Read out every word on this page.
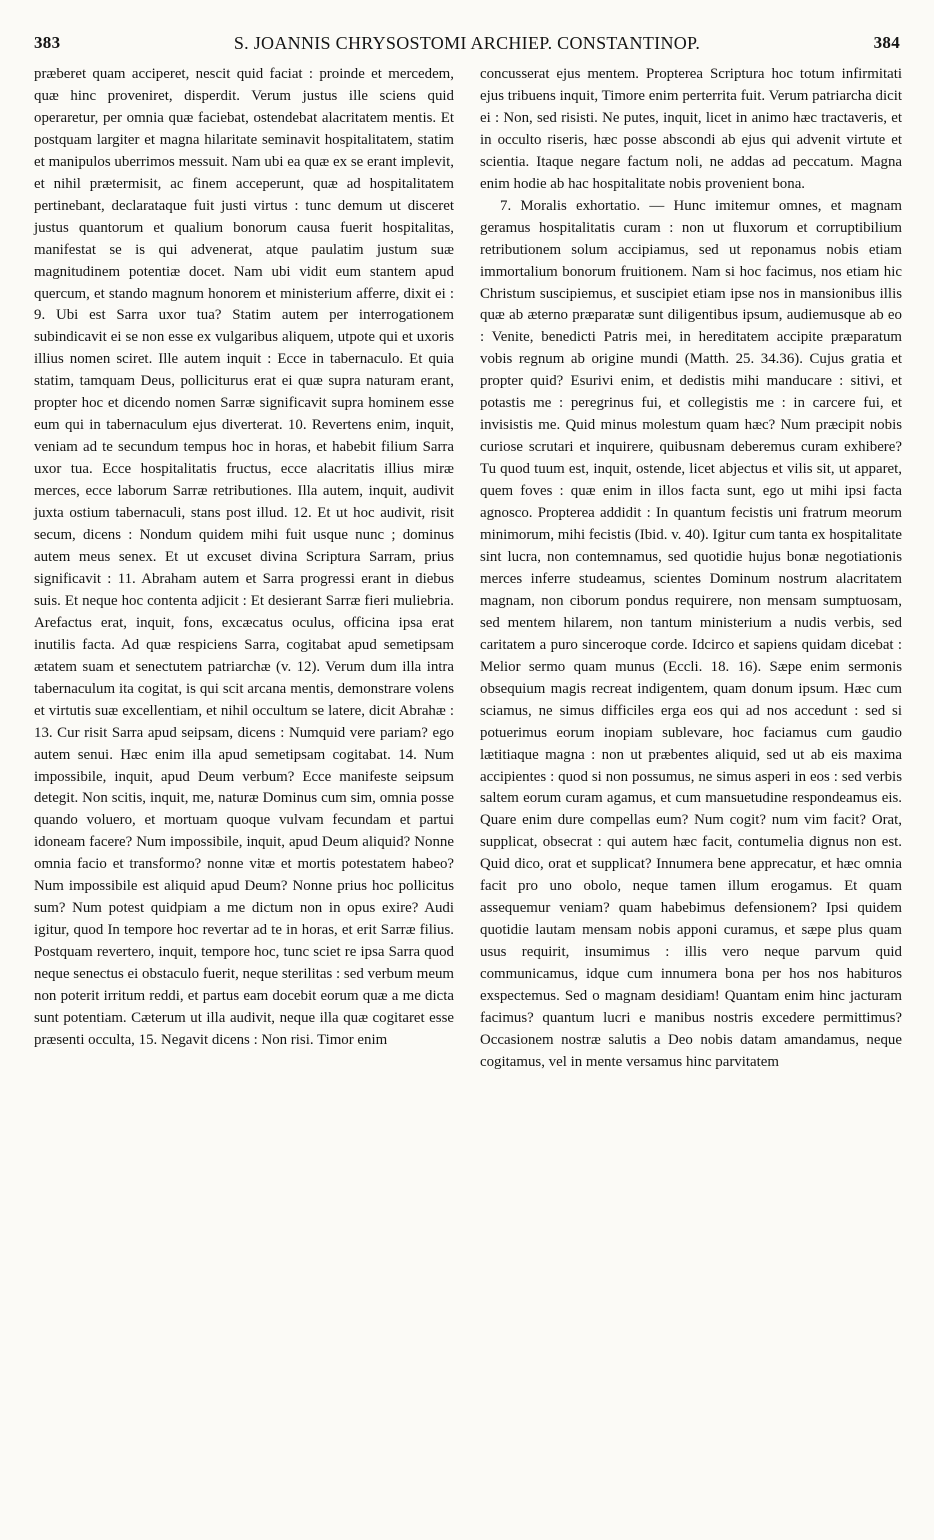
383	S. JOANNIS CHRYSOSTOMI ARCHIEP. CONSTANTINOP.	384

præberet quam acciperet, nescit quid faciat : proinde et mercedem, quæ hinc proveniret, disperdit. Verum justus ille sciens quid operaretur, per omnia quæ faciebat, ostendebat alacritatem mentis. Et postquam largiter et magna hilaritate seminavit hospitalitatem, statim et manipulos uberrimos messuit. Nam ubi ea quæ ex se erant implevit, et nihil prætermisit, ac finem acceperunt, quæ ad hospitalitatem pertinebant, declarataque fuit justi virtus : tunc demum ut disceret justus quantorum et qualium bonorum causa fuerit hospitalitas, manifestat se is qui advenerat, atque paulatim justum suæ magnitudinem potentiæ docet. Nam ubi vidit eum stantem apud quercum, et stando magnum honorem et ministerium afferre, dixit ei : 9. Ubi est Sarra uxor tua? Statim autem per interrogationem subindicavit ei se non esse ex vulgaribus aliquem, utpote qui et uxoris illius nomen sciret. Ille autem inquit : Ecce in tabernaculo. Et quia statim, tamquam Deus, polliciturus erat ei quæ supra naturam erant, propter hoc et dicendo nomen Sarræ significavit supra hominem esse eum qui in tabernaculum ejus diverterat. 10. Revertens enim, inquit, veniam ad te secundum tempus hoc in horas, et habebit filium Sarra uxor tua. Ecce hospitalitatis fructus, ecce alacritatis illius miræ merces, ecce laborum Sarræ retributiones. Illa autem, inquit, audivit juxta ostium tabernaculi, stans post illud. 12. Et ut hoc audivit, risit secum, dicens : Nondum quidem mihi fuit usque nunc ; dominus autem meus senex. Et ut excuset divina Scriptura Sarram, prius significavit : 11. Abraham autem et Sarra progressi erant in diebus suis. Et neque hoc contenta adjicit : Et desierant Sarræ fieri muliebria. Arefactus erat, inquit, fons, excæcatus oculus, officina ipsa erat inutilis facta. Ad quæ respiciens Sarra, cogitabat apud semetipsam ætatem suam et senectutem patriarchæ (v. 12). Verum dum illa intra tabernaculum ita cogitat, is qui scit arcana mentis, demonstrare volens et virtutis suæ excellentiam, et nihil occultum se latere, dicit Abrahæ : 13. Cur risit Sarra apud seipsam, dicens : Numquid vere pariam? ego autem senui. Hæc enim illa apud semetipsam cogitabat. 14. Num impossibile, inquit, apud Deum verbum? Ecce manifeste seipsum detegit. Non scitis, inquit, me, naturæ Dominus cum sim, omnia posse quando voluero, et mortuam quoque vulvam fecundam et partui idoneam facere? Num impossibile, inquit, apud Deum aliquid? Nonne omnia facio et transformo? nonne vitæ et mortis potestatem habeo? Num impossibile est aliquid apud Deum? Nonne prius hoc pollicitus sum? Num potest quidpiam a me dictum non in opus exire? Audi igitur, quod In tempore hoc revertar ad te in horas, et erit Sarræ filius. Postquam revertero, inquit, tempore hoc, tunc sciet re ipsa Sarra quod neque senectus ei obstaculo fuerit, neque sterilitas : sed verbum meum non poterit irritum reddi, et partus eam docebit eorum quæ a me dicta sunt potentiam. Cæterum ut illa audivit, neque illa quæ cogitaret esse præsenti occulta, 15. Negavit dicens : Non risi. Timor enim

concusserat ejus mentem. Propterea Scriptura hoc totum infirmitati ejus tribuens inquit, Timore enim perterrita fuit. Verum patriarcha dicit ei : Non, sed risisti. Ne putes, inquit, licet in animo hæc tractaveris, et in occulto riseris, hæc posse abscondi ab ejus qui advenit virtute et scientia. Itaque negare factum noli, ne addas ad peccatum. Magna enim hodie ab hac hospitalitate nobis provenient bona.

7. Moralis exhortatio. — Hunc imitemur omnes, et magnam geramus hospitalitatis curam : non ut fluxorum et corruptibilium retributionem solum accipiamus, sed ut reponamus nobis etiam immortalium bonorum fruitionem. Nam si hoc facimus, nos etiam hic Christum suscipiemus, et suscipiet etiam ipse nos in mansionibus illis quæ ab æterno præparatæ sunt diligentibus ipsum, audiemusque ab eo : Venite, benedicti Patris mei, in hereditatem accipite præparatum vobis regnum ab origine mundi (Matth. 25. 34.36). Cujus gratia et propter quid? Esurivi enim, et dedistis mihi manducare : sitivi, et potastis me : peregrinus fui, et collegistis me : in carcere fui, et invisistis me. Quid minus molestum quam hæc? Num præcipit nobis curiose scrutari et inquirere, quibusnam deberemus curam exhibere? Tu quod tuum est, inquit, ostende, licet abjectus et vilis sit, ut apparet, quem foves : quæ enim in illos facta sunt, ego ut mihi ipsi facta agnosco. Propterea addidit : In quantum fecistis uni fratrum meorum minimorum, mihi fecistis (Ibid. v. 40). Igitur cum tanta ex hospitalitate sint lucra, non contemnamus, sed quotidie hujus bonæ negotiationis merces inferre studeamus, scientes Dominum nostrum alacritatem magnam, non ciborum pondus requirere, non mensam sumptuosam, sed mentem hilarem, non tantum ministerium a nudis verbis, sed caritatem a puro sinceroque corde. Idcirco et sapiens quidam dicebat : Melior sermo quam munus (Eccli. 18. 16). Sæpe enim sermonis obsequium magis recreat indigentem, quam donum ipsum. Hæc cum sciamus, ne simus difficiles erga eos qui ad nos accedunt : sed si potuerimus eorum inopiam sublevare, hoc faciamus cum gaudio lætitiaque magna : non ut præbentes aliquid, sed ut ab eis maxima accipientes : quod si non possumus, ne simus asperi in eos : sed verbis saltem eorum curam agamus, et cum mansuetudine respondeamus eis. Quare enim dure compellas eum? Num cogit? num vim facit? Orat, supplicat, obsecrat : qui autem hæc facit, contumelia dignus non est. Quid dico, orat et supplicat? Innumera bene apprecatur, et hæc omnia facit pro uno obolo, neque tamen illum erogamus. Et quam assequemur veniam? quam habebimus defensionem? Ipsi quidem quotidie lautam mensam nobis apponi curamus, et sæpe plus quam usus requirit, insumimus : illis vero neque parvum quid communicamus, idque cum innumera bona per hos nos habituros exspectemus. Sed o magnam desidiam! Quantam enim hinc jacturam facimus? quantum lucri e manibus nostris excedere permittimus? Occasionem nostræ salutis a Deo nobis datam amandamus, neque cogitamus, vel in mente versamus hinc parvitatem
